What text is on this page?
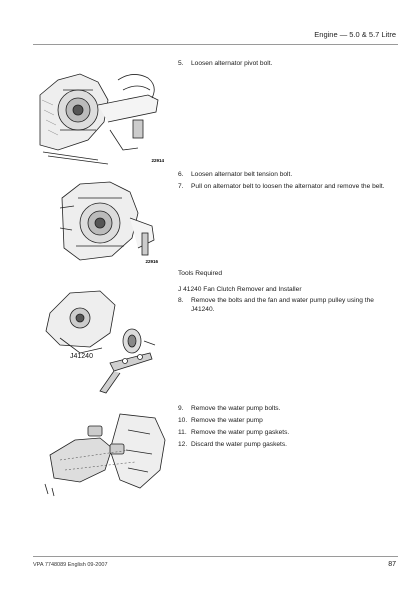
Engine — 5.0 & 5.7 Litre
22914
22916
J41240
5.	Loosen alternator pivot bolt.
6.	Loosen alternator belt tension bolt.
7.	Pull on alternator belt to loosen the alternator and remove the belt.
Tools Required
J 41240 Fan Clutch Remover and Installer
8.	Remove the bolts and the fan and water pump pulley using the J41240.
9.	Remove the water pump bolts.
10. Remove the water pump
11. Remove the water pump gaskets.
12. Discard the water pump gaskets.
VPA 7748089 English 09-2007	87
